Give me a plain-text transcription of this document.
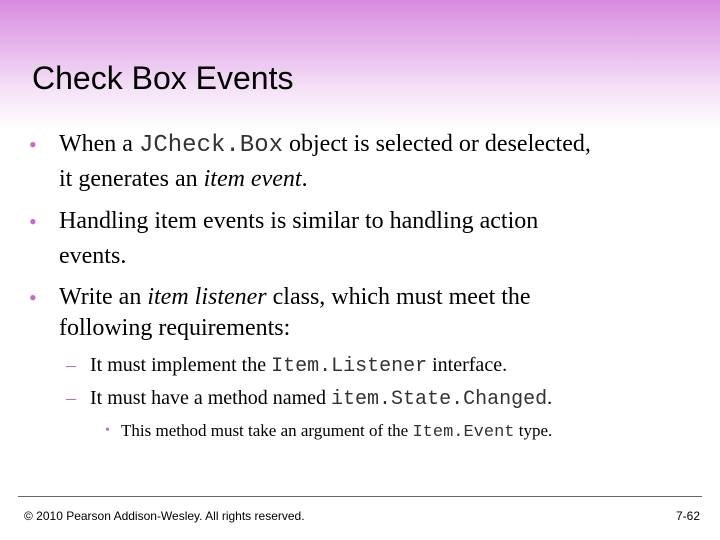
Check Box Events
• When a JCheck.Box object is selected or deselected,
it generates an item event.
• Handling item events is similar to handling action
events.
• Write an item listener class, which must meet the
following requirements:
– It must implement the Item.Listener interface.
– It must have a method named item.State.Changed.
• This method must take an argument of the Item.Event type.
© 2010 Pearson Addison-Wesley. All rights reserved.	7-62
